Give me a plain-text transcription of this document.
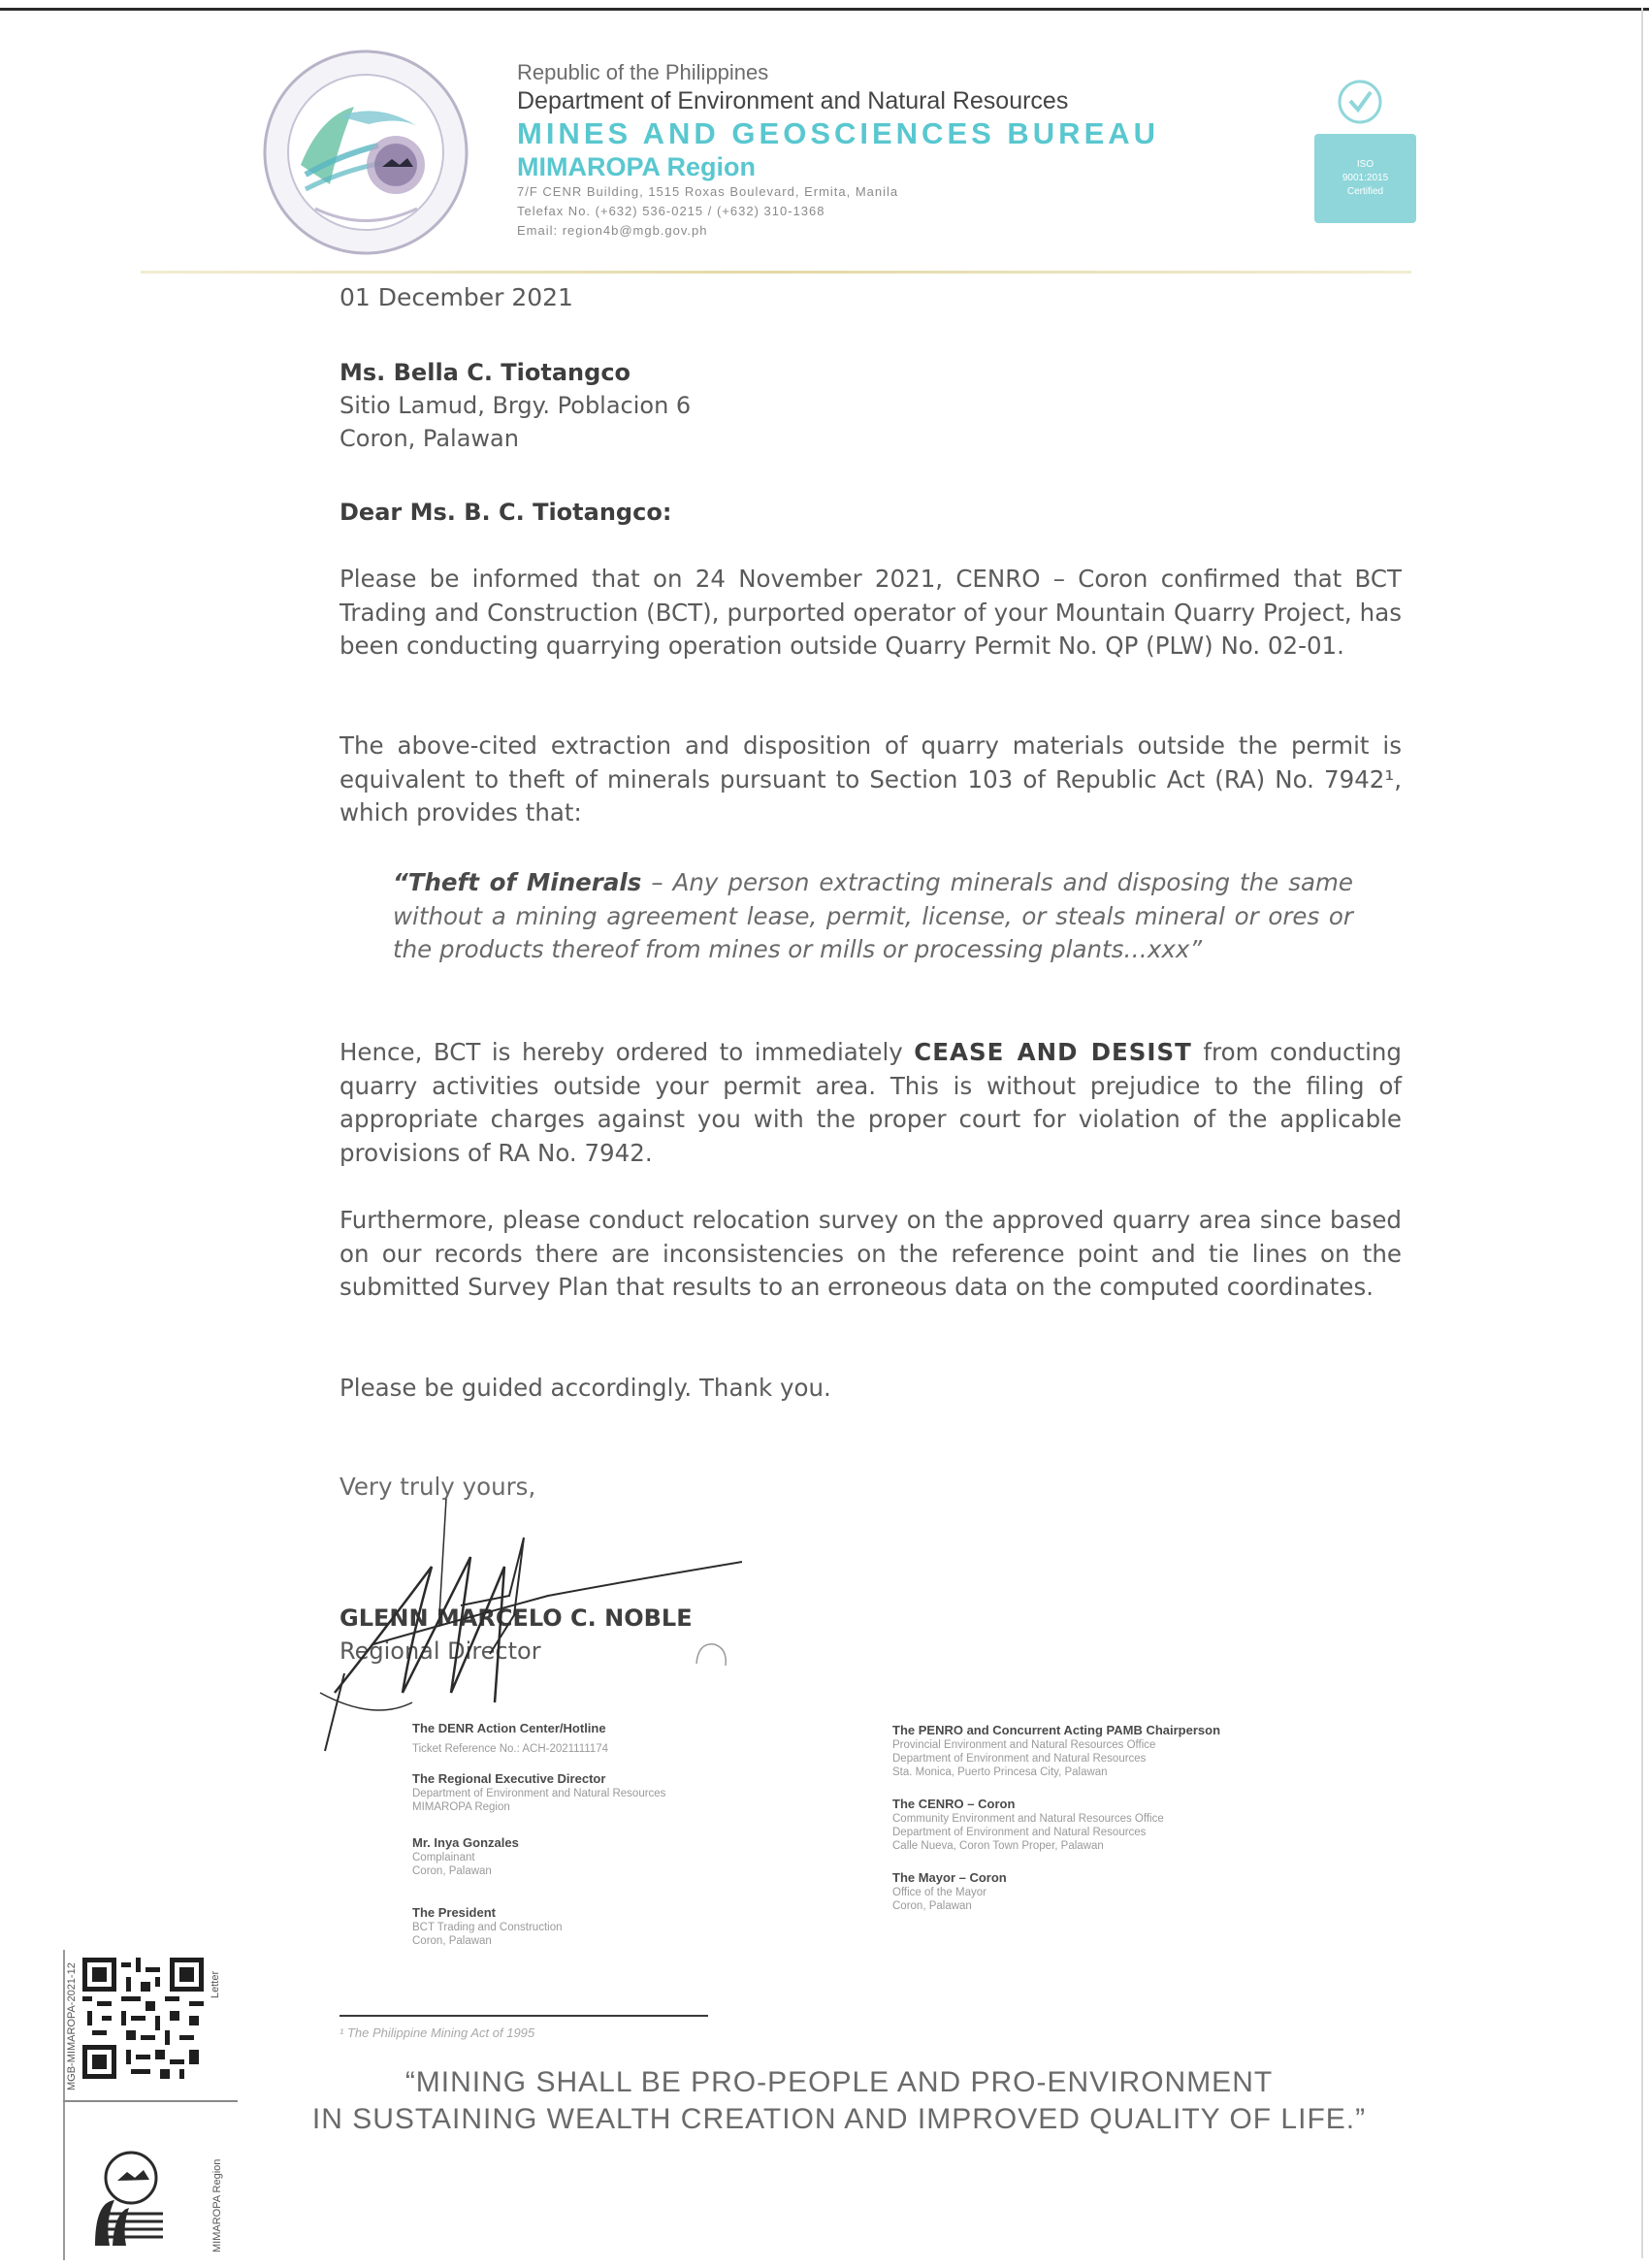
Republic of the Philippines
Department of Environment and Natural Resources
MINES AND GEOSCIENCES BUREAU
MIMAROPA Region
7/F CENR Building, 1515 Roxas Boulevard, Ermita, Manila
Telefax No. (+632) 536-0215 / (+632) 310-1368
Email: region4b@mgb.gov.ph
ISO
9001:2015
Certified
01 December 2021
Ms. Bella C. Tiotangco
Sitio Lamud, Brgy. Poblacion 6
Coron, Palawan
Dear Ms. B. C. Tiotangco:
Please be informed that on 24 November 2021, CENRO – Coron confirmed that BCT Trading and Construction (BCT), purported operator of your Mountain Quarry Project, has been conducting quarrying operation outside Quarry Permit No. QP (PLW) No. 02-01.
The above-cited extraction and disposition of quarry materials outside the permit is equivalent to theft of minerals pursuant to Section 103 of Republic Act (RA) No. 7942¹, which provides that:
“Theft of Minerals – Any person extracting minerals and disposing the same without a mining agreement lease, permit, license, or steals mineral or ores or the products thereof from mines or mills or processing plants…xxx”
Hence, BCT is hereby ordered to immediately CEASE AND DESIST from conducting quarry activities outside your permit area. This is without prejudice to the filing of appropriate charges against you with the proper court for violation of the applicable provisions of RA No. 7942.
Furthermore, please conduct relocation survey on the approved quarry area since based on our records there are inconsistencies on the reference point and tie lines on the submitted Survey Plan that results to an erroneous data on the computed coordinates.
Please be guided accordingly. Thank you.
Very truly yours,
GLENN MARCELO C. NOBLE
Regional Director
The DENR Action Center/Hotline
Ticket Reference No.: ACH-2021111174
The Regional Executive Director
Department of Environment and Natural Resources
MIMAROPA Region
Mr. Inya Gonzales
Complainant
Coron, Palawan
The President
BCT Trading and Construction
Coron, Palawan
The PENRO and Concurrent Acting PAMB Chairperson
Provincial Environment and Natural Resources Office
Department of Environment and Natural Resources
Sta. Monica, Puerto Princesa City, Palawan
The CENRO – Coron
Community Environment and Natural Resources Office
Department of Environment and Natural Resources
Calle Nueva, Coron Town Proper, Palawan
The Mayor – Coron
Office of the Mayor
Coron, Palawan
¹ The Philippine Mining Act of 1995
“MINING SHALL BE PRO-PEOPLE AND PRO-ENVIRONMENT
IN SUSTAINING WEALTH CREATION AND IMPROVED QUALITY OF LIFE.”
MGB-MIMAROPA-2021-12	Letter
MIMAROPA Region
